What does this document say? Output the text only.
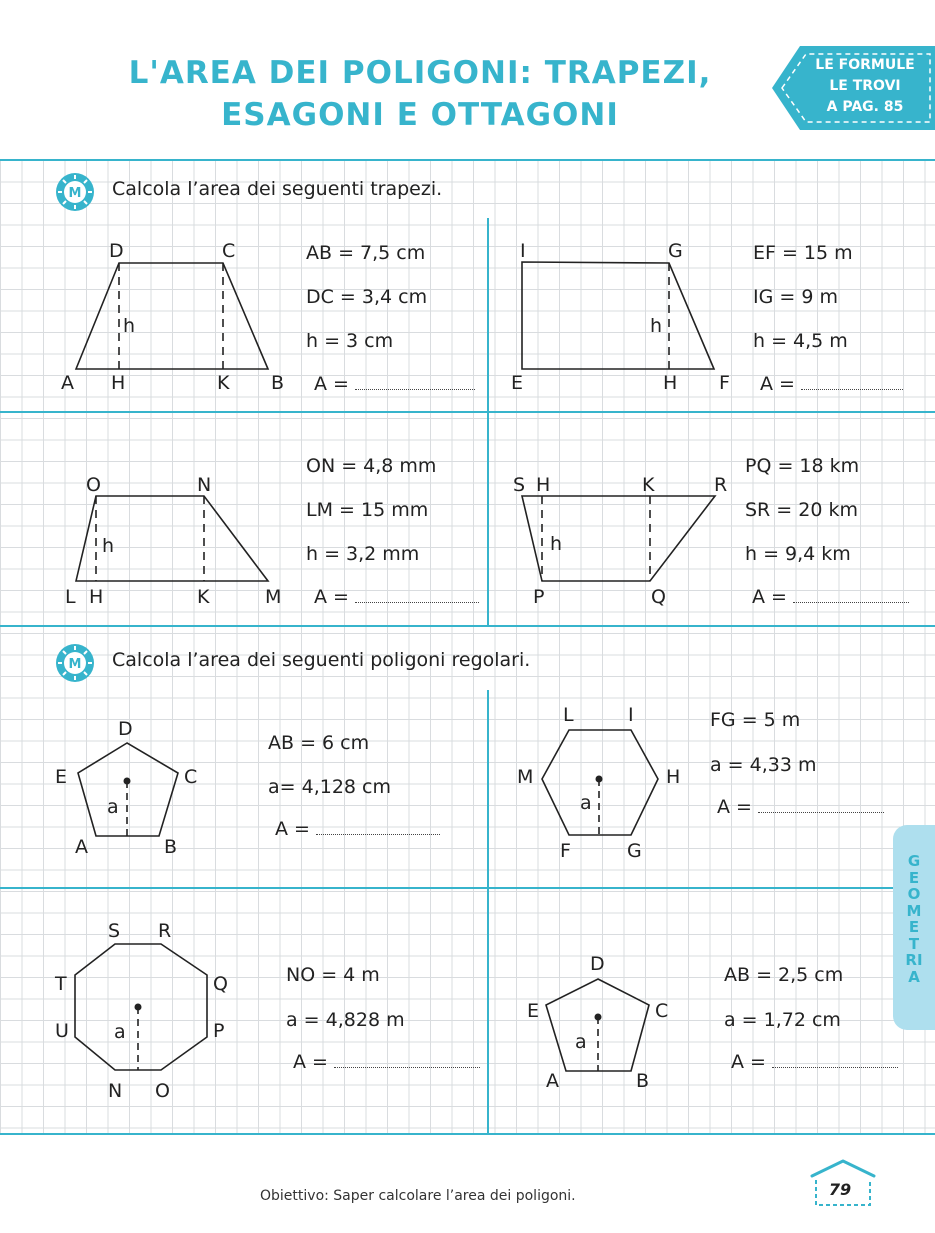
L'AREA DEI POLIGONI: TRAPEZI,
ESAGONI E OTTAGONI
LE FORMULE
LE TROVI
A PAG. 85
M Calcola l’area dei seguenti trapezi.
D	C
A H	K B
h
AB = 7,5 cm
DC = 3,4 cm
h = 3 cm
A =
I	G
E	H F
h
EF = 15 m
IG = 9 m
h = 4,5 m
A =
O	N
L H	K	M
h
ON = 4,8 mm
LM = 15 mm
h = 3,2 mm
A =
S H	K	R
P	Q
h
PQ = 18 km
SR = 20 km
h = 9,4 km
A =
M Calcola l’area dei seguenti poligoni regolari.
D
E	C
A	B
a
AB = 6 cm
a= 4,128 cm
A =
L	I
M	H
F	G
a
FG = 5 m
a = 4,33 m
A =
S R
T	Q
U	P
N O
a
NO = 4 m
a = 4,828 m
A =
D
E	C
A	B
a
AB = 2,5 cm
a = 1,72 cm
A =
GEOMETRIA
Obiettivo: Saper calcolare l’area dei poligoni.	79
